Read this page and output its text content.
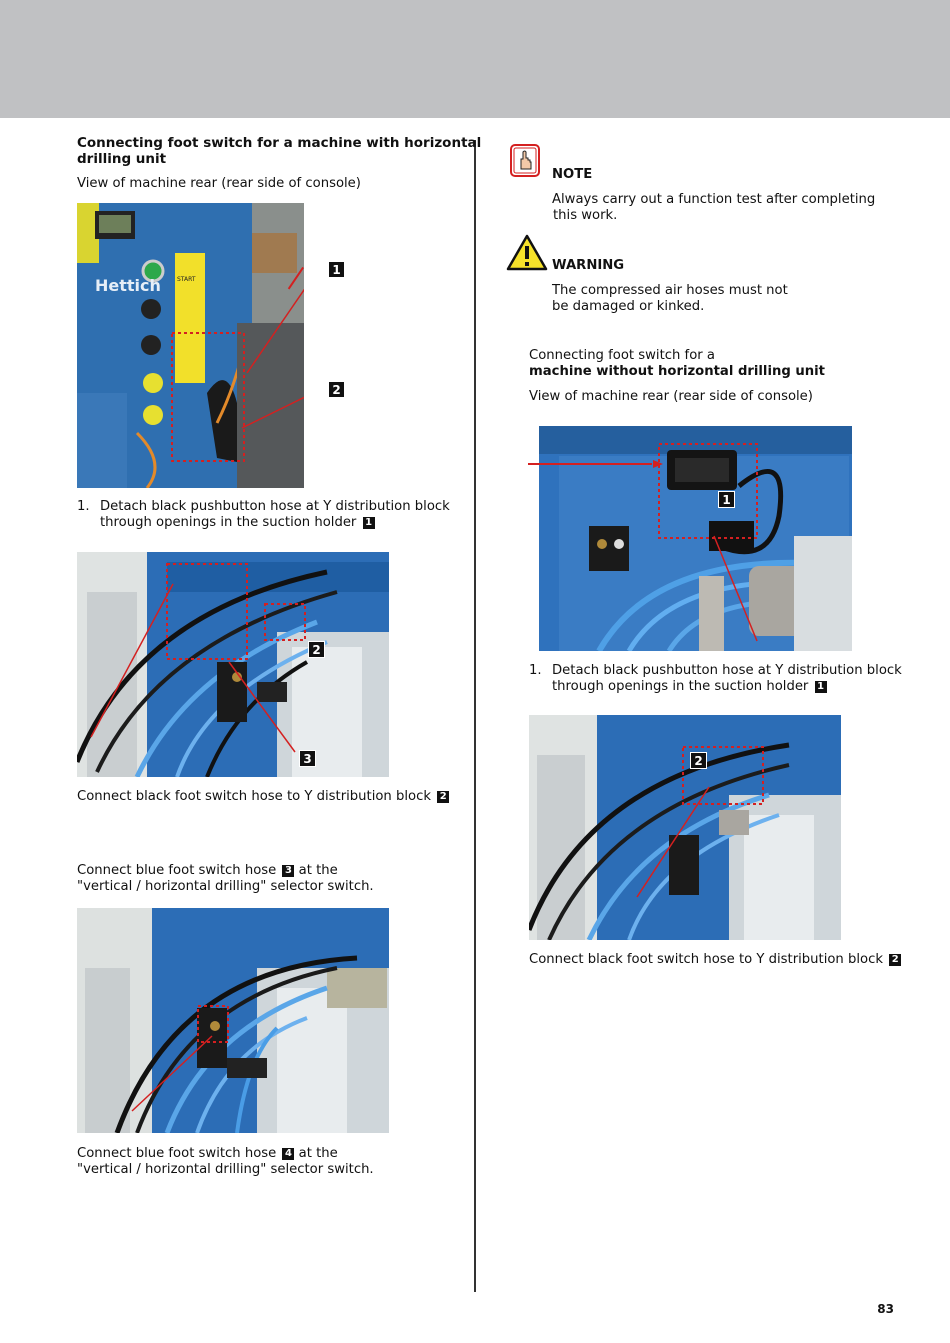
Connecting foot switch for a machine with horizontal
drilling unit
View of machine rear (rear side of console)
Hettich	START
1
2
1. Detach black pushbutton hose at Y distribution block
through openings in the suction holder 1
2
3
Connect black foot switch hose to Y distribution block 2
Connect blue foot switch hose 3 at the
"vertical / horizontal drilling" selector switch.
Connect blue foot switch hose 4 at the
"vertical / horizontal drilling" selector switch.
NOTE
Always carry out a function test after completing
this work.
WARNING
The compressed air hoses must not
be damaged or kinked.
Connecting foot switch for a
machine without horizontal drilling unit
View of machine rear (rear side of console)
1
1. Detach black pushbutton hose at Y distribution block
through openings in the suction holder 1
2
Connect black foot switch hose to Y distribution block 2
83
